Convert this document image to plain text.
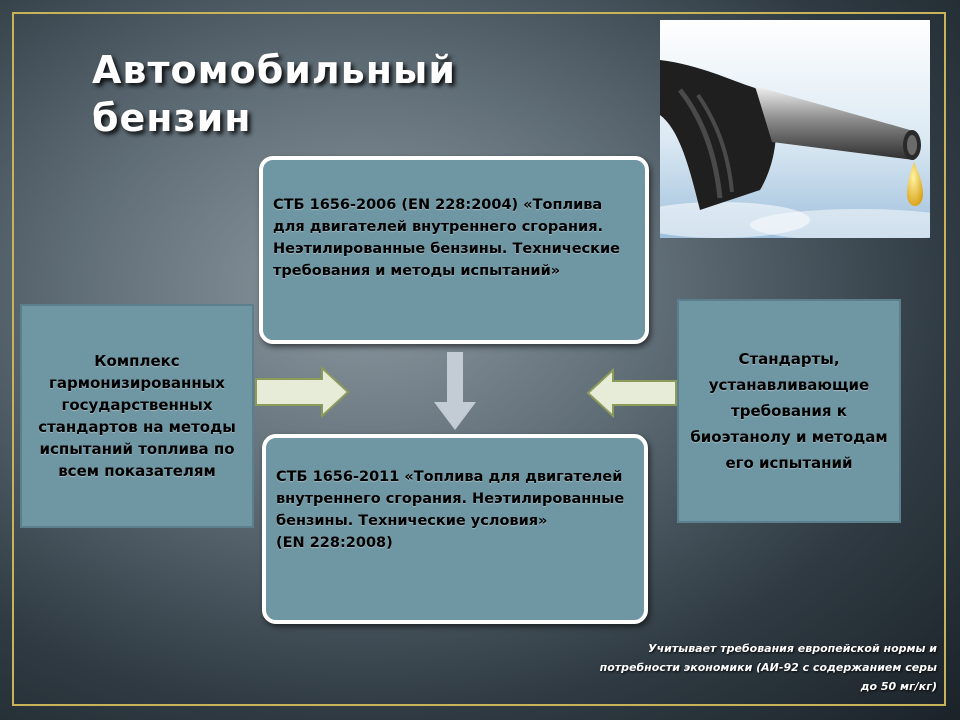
Автомобильный
бензин
СТБ 1656-2006 (EN 228:2004) «Топлива для двигателей внутреннего сгорания. Неэтилированные бензины. Технические требования и методы испытаний»
СТБ 1656-2011 «Топлива для двигателей внутреннего сгорания. Неэтилированные бензины. Технические условия»
(EN 228:2008)
Комплекс гармонизированных государственных стандартов на методы испытаний топлива по всем показателям
Стандарты, устанавливающие требования к биоэтанолу и методам его испытаний
Учитывает требования европейской нормы и потребности экономики (АИ-92 с содержанием серы до 50 мг/кг)
